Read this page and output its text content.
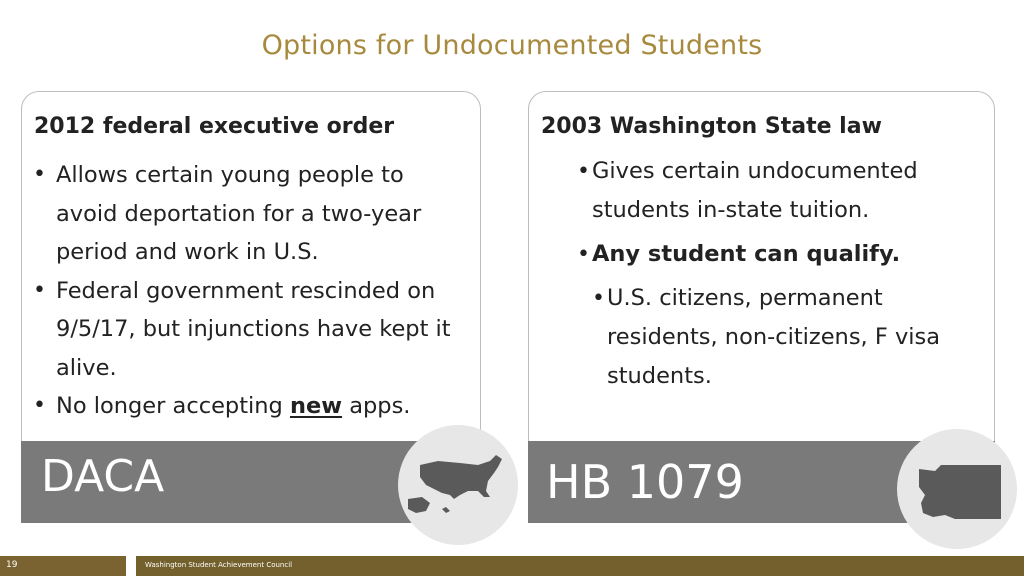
Options for Undocumented Students
2012 federal executive order
• Allows certain young people to avoid deportation for a two-year period and work in U.S.
• Federal government rescinded on 9/5/17, but injunctions have kept it alive.
• No longer accepting new apps.
DACA
2003 Washington State law
• Gives certain undocumented students in-state tuition.
• Any student can qualify.
• U.S. citizens, permanent residents, non-citizens, F visa students.
HB 1079
19	Washington Student Achievement Council
